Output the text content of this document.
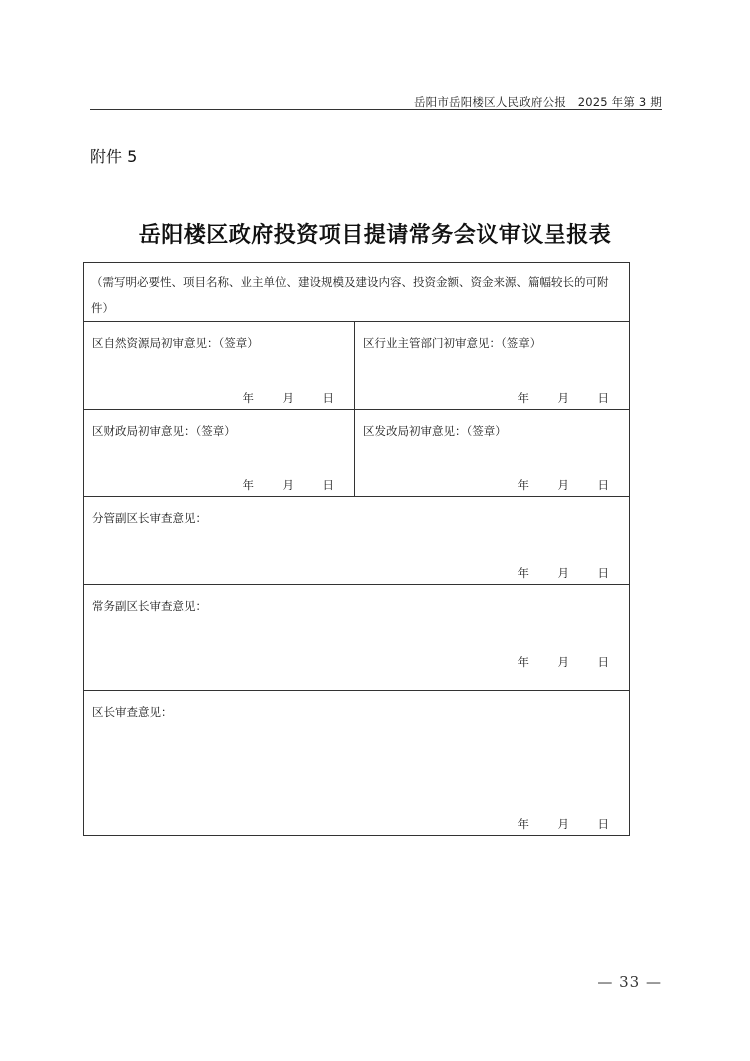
岳阳市岳阳楼区人民政府公报　2025 年第 3 期
附件 5
岳阳楼区政府投资项目提请常务会议审议呈报表
（需写明必要性、项目名称、业主单位、建设规模及建设内容、投资金额、资金来源、篇幅较长的可附件）
区自然资源局初审意见：（签章）
年	月	日
区行业主管部门初审意见：（签章）
年	月	日
区财政局初审意见：（签章）
年	月	日
区发改局初审意见：（签章）
年	月	日
分管副区长审查意见：
年	月	日
常务副区长审查意见：
年	月	日
区长审查意见：
年	月	日
— 33 —
